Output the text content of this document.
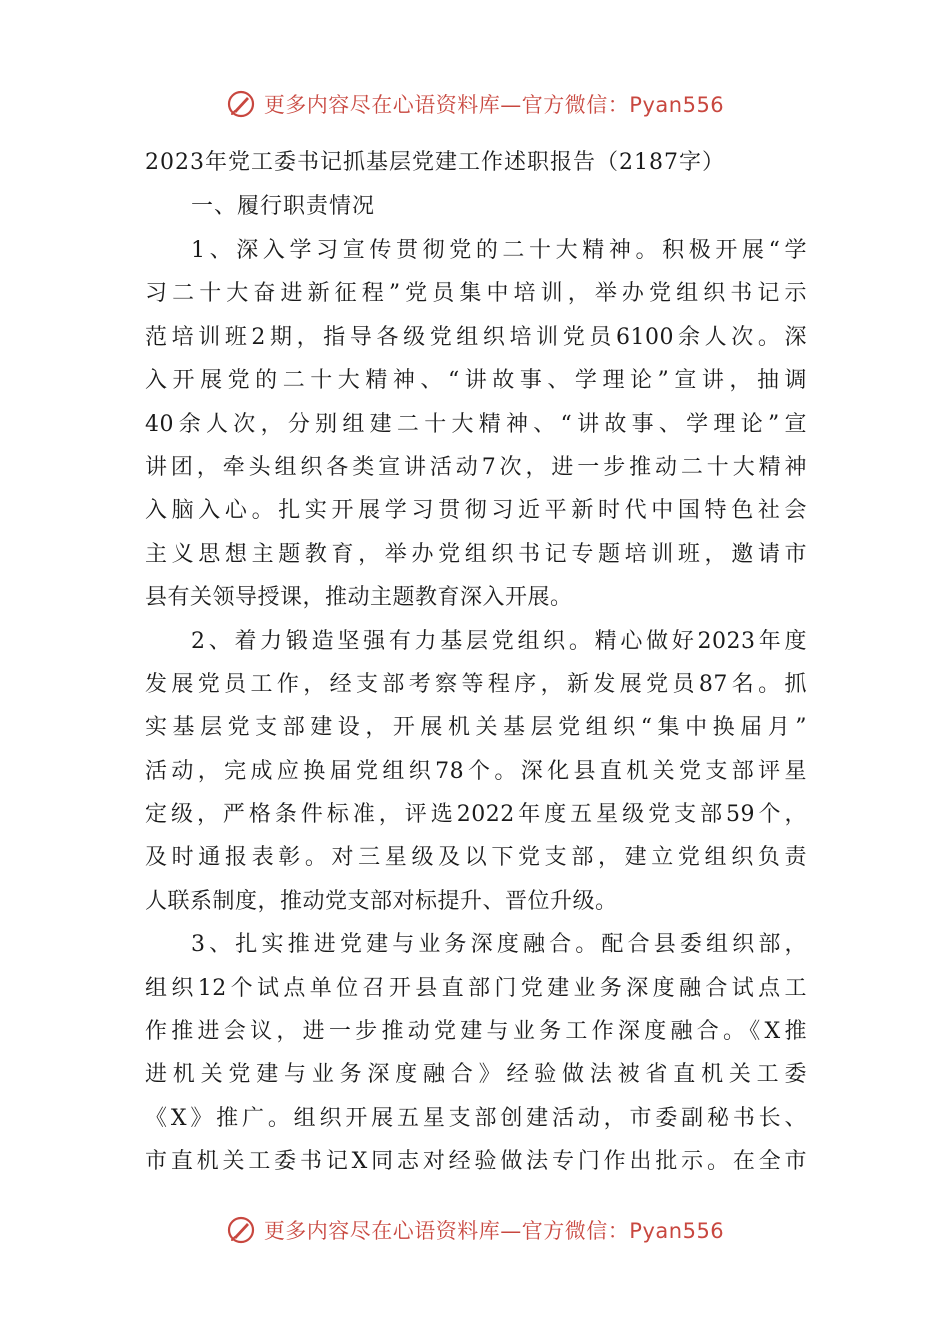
更多内容尽在心语资料库—官方微信：Pyan556
2023年党工委书记抓基层党建工作述职报告（2187字）
一、履行职责情况
1、深入学习宣传贯彻党的二十大精神。积极开展“学
习二十大奋进新征程”党员集中培训，举办党组织书记示
范培训班2期，指导各级党组织培训党员6100余人次。深
入开展党的二十大精神、“讲故事、学理论”宣讲，抽调
40余人次，分别组建二十大精神、“讲故事、学理论”宣
讲团，牵头组织各类宣讲活动7次，进一步推动二十大精神
入脑入心。扎实开展学习贯彻习近平新时代中国特色社会
主义思想主题教育，举办党组织书记专题培训班，邀请市
县有关领导授课，推动主题教育深入开展。
2、着力锻造坚强有力基层党组织。精心做好2023年度
发展党员工作，经支部考察等程序，新发展党员87名。抓
实基层党支部建设，开展机关基层党组织“集中换届月”
活动，完成应换届党组织78个。深化县直机关党支部评星
定级，严格条件标准，评选2022年度五星级党支部59个，
及时通报表彰。对三星级及以下党支部，建立党组织负责
人联系制度，推动党支部对标提升、晋位升级。
3、扎实推进党建与业务深度融合。配合县委组织部，
组织12个试点单位召开县直部门党建业务深度融合试点工
作推进会议，进一步推动党建与业务工作深度融合。《X推
进机关党建与业务深度融合》经验做法被省直机关工委
《X》推广。组织开展五星支部创建活动，市委副秘书长、
市直机关工委书记X同志对经验做法专门作出批示。在全市
更多内容尽在心语资料库—官方微信：Pyan556
